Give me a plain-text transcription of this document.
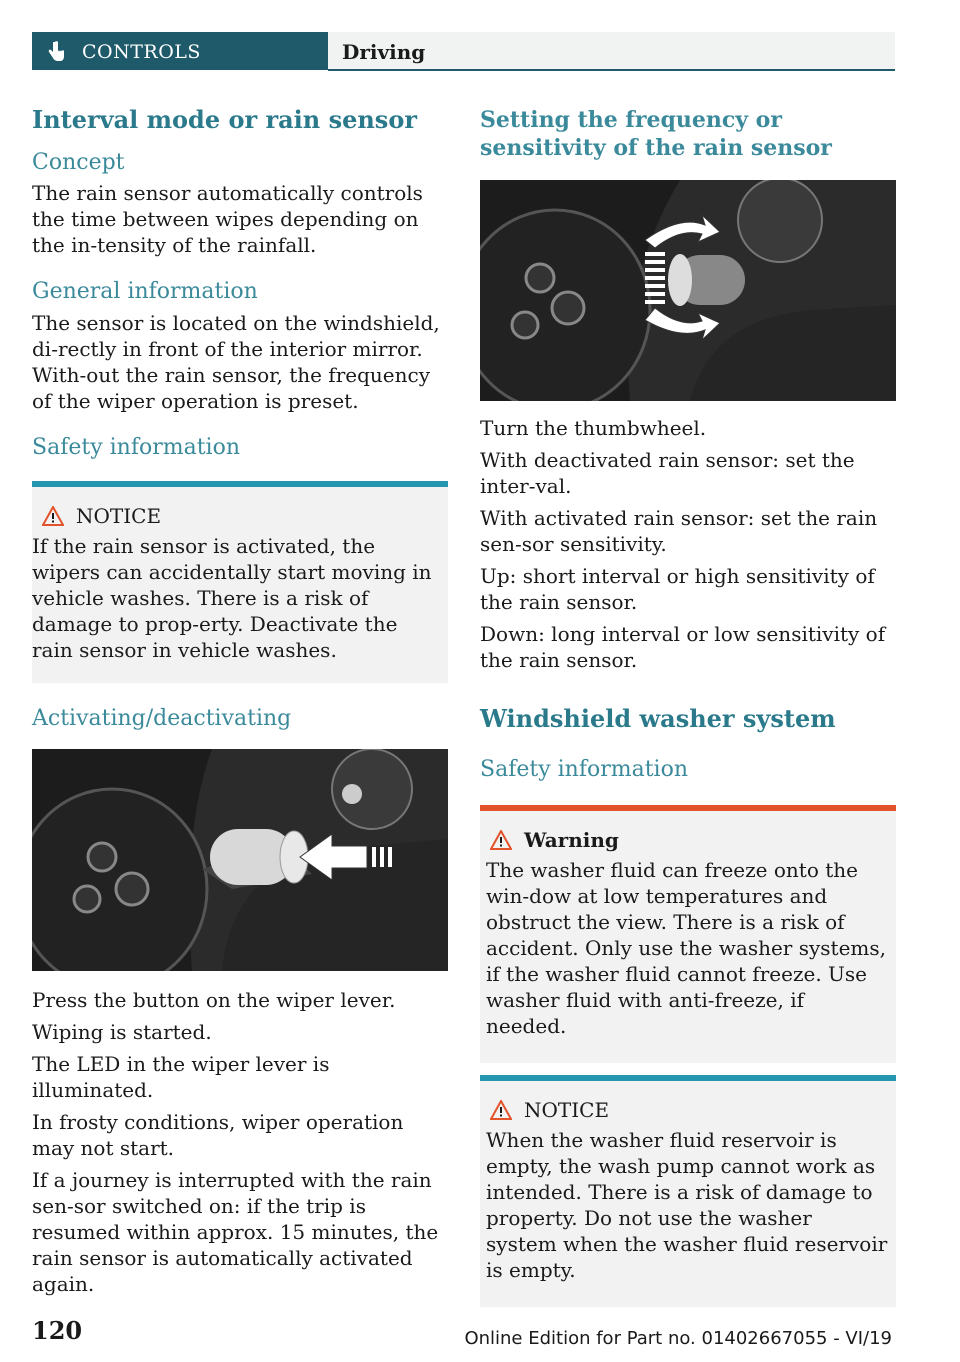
CONTROLS	Driving
Interval mode or rain sensor
Concept

The rain sensor automatically controls the time between wipes depending on the in-tensity of the rainfall.

General information

The sensor is located on the windshield, di-rectly in front of the interior mirror. With-out the rain sensor, the frequency of the wiper operation is preset.

Safety information
NOTICE

If the rain sensor is activated, the wipers can accidentally start moving in vehicle washes. There is a risk of damage to prop-erty. Deactivate the rain sensor in vehicle washes.

Activating/deactivating

Press the button on the wiper lever.

Wiping is started.

The LED in the wiper lever is illuminated.

In frosty conditions, wiper operation may not start.

If a journey is interrupted with the rain sen-sor switched on: if the trip is resumed within approx. 15 minutes, the rain sensor is automatically activated again.

Setting the frequency or sensitivity of the rain sensor

Turn the thumbwheel.

With deactivated rain sensor: set the inter-val.

With activated rain sensor: set the rain sen-sor sensitivity.

Up: short interval or high sensitivity of the rain sensor.

Down: long interval or low sensitivity of the rain sensor.

Windshield washer system
Safety information
Warning

The washer fluid can freeze onto the win-dow at low temperatures and obstruct the view. There is a risk of accident. Only use the washer systems, if the washer fluid cannot freeze. Use washer fluid with anti-freeze, if needed.

NOTICE

When the washer fluid reservoir is empty, the wash pump cannot work as intended. There is a risk of damage to property. Do not use the washer system when the washer fluid reservoir is empty.

120	Online Edition for Part no. 01402667055 - VI/19
